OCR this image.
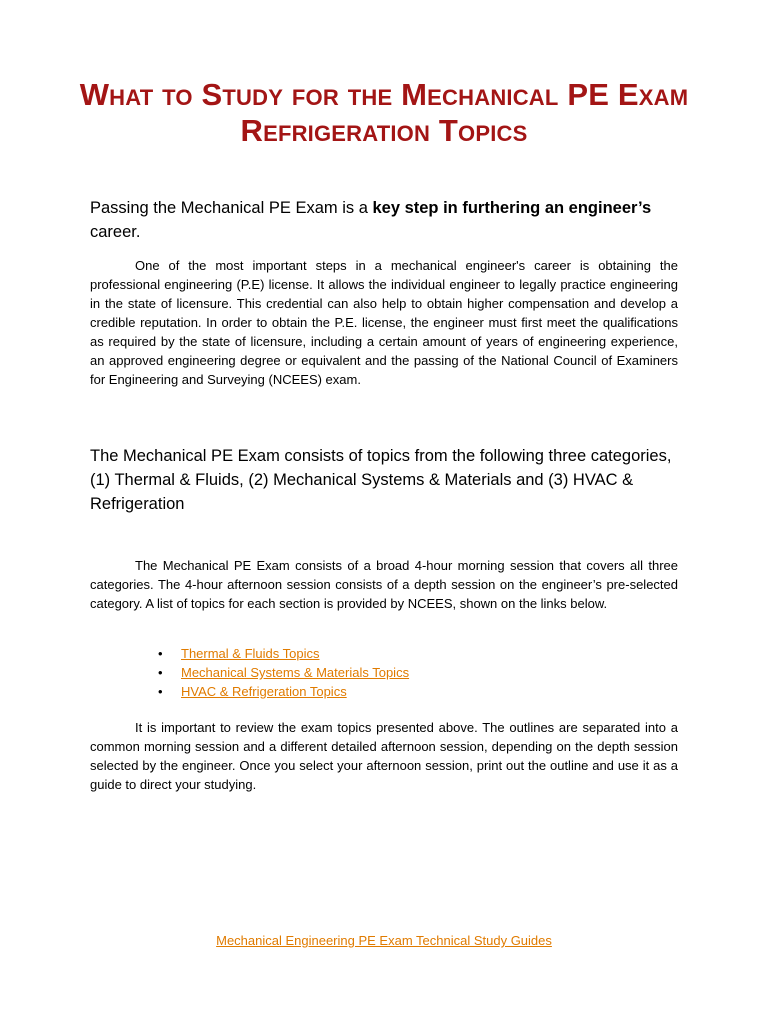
What to Study for the Mechanical PE Exam
Refrigeration Topics

Passing the Mechanical PE Exam is a key step in furthering an engineer’s career.

One of the most important steps in a mechanical engineer's career is obtaining the professional engineering (P.E) license. It allows the individual engineer to legally practice engineering in the state of licensure. This credential can also help to obtain higher compensation and develop a credible reputation. In order to obtain the P.E. license, the engineer must first meet the qualifications as required by the state of licensure, including a certain amount of years of engineering experience, an approved engineering degree or equivalent and the passing of the National Council of Examiners for Engineering and Surveying (NCEES) exam.

The Mechanical PE Exam consists of topics from the following three categories, (1) Thermal & Fluids, (2) Mechanical Systems & Materials and (3) HVAC & Refrigeration

The Mechanical PE Exam consists of a broad 4-hour morning session that covers all three categories. The 4-hour afternoon session consists of a depth session on the engineer’s pre-selected category. A list of topics for each section is provided by NCEES, shown on the links below.

• Thermal & Fluids Topics
• Mechanical Systems & Materials Topics
• HVAC & Refrigeration Topics

It is important to review the exam topics presented above. The outlines are separated into a common morning session and a different detailed afternoon session, depending on the depth session selected by the engineer. Once you select your afternoon session, print out the outline and use it as a guide to direct your studying.

Mechanical Engineering PE Exam Technical Study Guides
